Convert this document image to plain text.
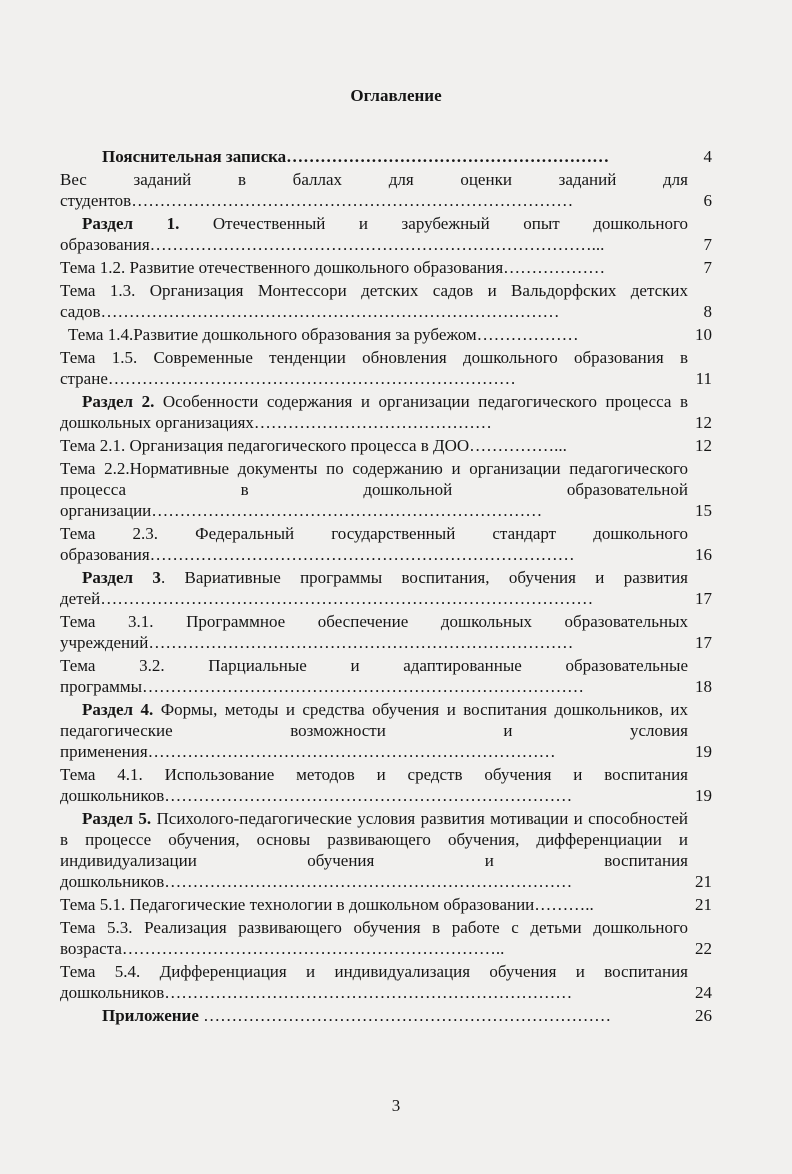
Оглавление
Пояснительная записка…………………………………………………	4
Вес заданий в баллах для оценки заданий для студентов……………………………………………………………………	6
Раздел 1. Отечественный и зарубежный опыт дошкольного образования……………………………………………………………………...	7
Тема 1.2. Развитие отечественного дошкольного образования………………	7
Тема 1.3. Организация Монтессори детских садов и Вальдорфских детских садов………………………………………………………………………	8
Тема 1.4.Развитие дошкольного образования за рубежом………………	10
Тема 1.5. Современные тенденции обновления дошкольного образования в стране………………………………………………………………	11
Раздел 2. Особенности содержания и организации педагогического процесса в дошкольных организациях……………………………………	12
Тема 2.1. Организация педагогического процесса в ДОО……………...	12
Тема 2.2.Нормативные документы по содержанию и организации педагогического процесса в дошкольной образовательной организации……………………………………………………………	15
Тема 2.3. Федеральный государственный стандарт дошкольного образования…………………………………………………………………	16
Раздел 3. Вариативные программы воспитания, обучения и развития детей……………………………………………………………………………	17
Тема 3.1. Программное обеспечение дошкольных образовательных учреждений…………………………………………………………………	17
Тема 3.2. Парциальные и адаптированные образовательные программы……………………………………………………………………	18
Раздел 4. Формы, методы и средства обучения и воспитания дошкольников, их педагогические возможности и условия применения………………………………………………………………	19
Тема 4.1. Использование методов и средств обучения и воспитания дошкольников………………………………………………………………	19
Раздел 5. Психолого-педагогические условия развития мотивации и способностей в процессе обучения, основы развивающего обучения, дифференциации и индивидуализации обучения и воспитания дошкольников………………………………………………………………	21
Тема 5.1. Педагогические технологии в дошкольном образовании………..	21
Тема 5.3. Реализация развивающего обучения в работе с детьми дошкольного возраста…………………………………………………………..	22
Тема 5.4. Дифференциация и индивидуализация обучения и воспитания дошкольников………………………………………………………………	24
Приложение ………………………………………………………………	26
3
